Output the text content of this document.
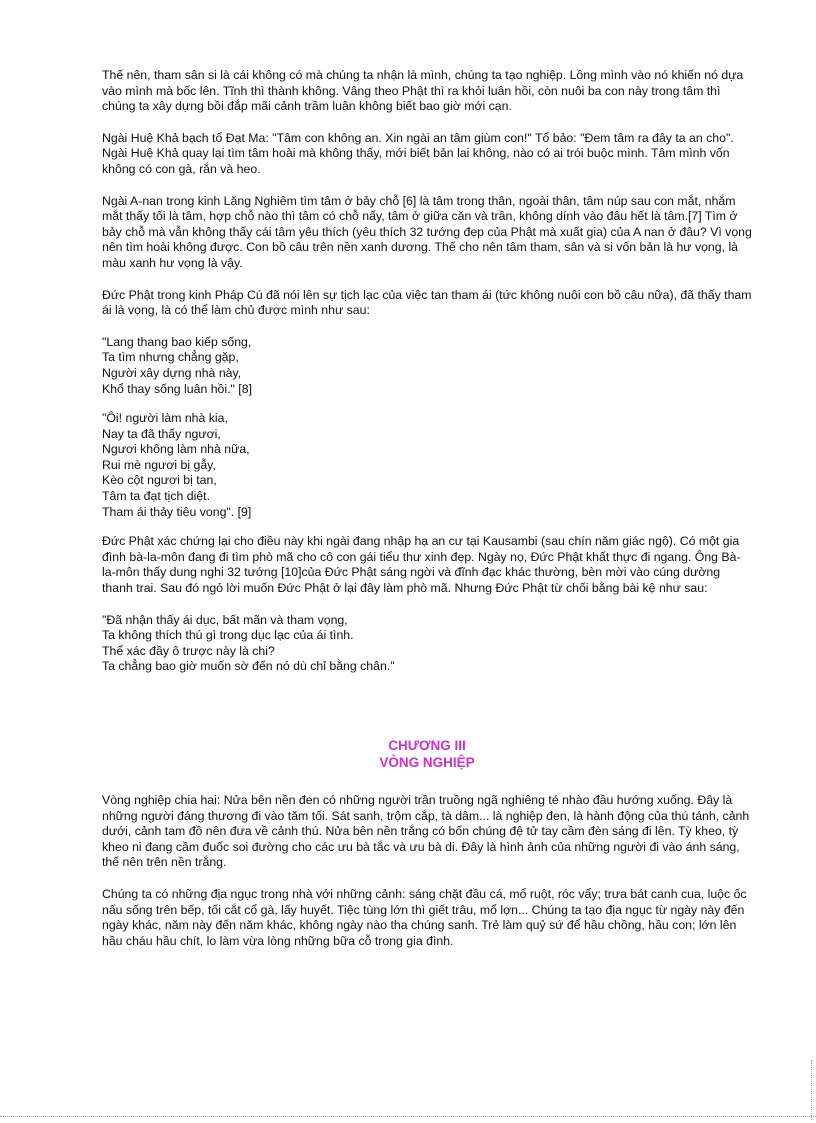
Thế nên, tham sân si là cái không có mà chúng ta nhận là mình, chúng ta tạo nghiệp. Lồng mình vào nó khiến nó dựa vào mình mà bốc lên. Tĩnh thì thành không. Vâng theo Phật thì ra khỏi luân hồi, còn nuôi ba con này trong tâm thì chúng ta xây dựng bồi đắp mãi cảnh trầm luân không biết bao giờ mới cạn.

Ngài Huệ Khả bạch tổ Đạt Ma: "Tâm con không an. Xin ngài an tâm giùm con!" Tổ bảo: "Đem tâm ra đây ta an cho". Ngài Huệ Khả quay lại tìm tâm hoài mà không thấy, mới biết bản lai không, nào có ai trói buộc mình. Tâm mình vốn không có con gà, rắn và heo.

Ngài A-nan trong kinh Lăng Nghiêm tìm tâm ở bảy chỗ [6] là tâm trong thân, ngoài thân, tâm núp sau con mắt, nhắm mắt thấy tối là tâm, hợp chỗ nào thì tâm có chỗ nấy, tâm ở giữa căn và trần, không dính vào đâu hết là tâm.[7] Tìm ở bảy chỗ mà vẫn không thấy cái tâm yêu thích (yêu thích 32 tướng đẹp của Phật mà xuất gia) của A nan ở đâu? Vì vọng nên tìm hoài không được. Con bồ câu trên nền xanh dương. Thế cho nên tâm tham, sân và si vốn bản là hư vọng, là màu xanh hư vọng là vậy.

Đức Phật trong kinh Pháp Cú đã nói lên sự tịch lạc của việc tan tham ái (tức không nuôi con bồ câu nữa), đã thấy tham ái là vọng, là có thể làm chủ được mình như sau:

"Lang thang bao kiếp sống,
Ta tìm nhưng chẳng gặp,
Người xây dựng nhà này,
Khổ thay sống luân hồi." [8]
"Ôi! người làm nhà kia,
Nay ta đã thấy ngươi,
Ngươi không làm nhà nữa,
Rui mè ngươi bị gẫy,
Kèo cột ngươi bị tan,
Tâm ta đạt tịch diệt.
Tham ái thảy tiêu vong". [9]

Đức Phật xác chứng lại cho điều này khi ngài đang nhập hạ an cư tại Kausambi (sau chín năm giác ngộ). Có một gia đình bà-la-môn đang đi tìm phò mã cho cô con gái tiểu thư xinh đẹp. Ngày nọ, Đức Phật khất thực đi ngang. Ông Bà-la-môn thấy dung nghi 32 tướng [10]của Đức Phật sáng ngời và đĩnh đạc khác thường, bèn mời vào cúng dường thanh trai. Sau đó ngỏ lời muốn Đức Phật ở lại đây làm phò mã. Nhưng Đức Phật từ chối bằng bài kệ như sau:

"Đã nhận thấy ái dục, bất mãn và tham vọng,
Ta không thích thú gì trong dục lạc của ái tình.
Thể xác đầy ô trược này là chi?
Ta chẳng bao giờ muốn sờ đến nó dù chỉ bằng chân."
CHƯƠNG III
VÒNG NGHIỆP

Vòng nghiệp chia hai: Nửa bên nền đen có những người trần truồng ngã nghiêng té nhào đầu hướng xuống. Đây là những người đáng thương đi vào tăm tối. Sát sanh, trộm cắp, tà dâm... là nghiệp đen, là hành động của thú tánh, cảnh dưới, cảnh tam đồ nên đưa về cảnh thú. Nửa bên nền trắng có bốn chúng đệ tử tay cầm đèn sáng đi lên. Tỳ kheo, tỳ kheo ni đang cầm đuốc soi đường cho các ưu bà tắc và ưu bà di. Đây là hình ảnh của những người đi vào ánh sáng, thế nên trên nền trắng.

Chúng ta có những địa ngục trong nhà với những cảnh: sáng chặt đầu cá, mổ ruột, róc vẩy; trưa bát canh cua, luộc ốc nấu sống trên bếp, tối cắt cổ gà, lấy huyết. Tiệc tùng lớn thì giết trâu, mổ lợn... Chúng ta tạo địa ngục từ ngày này đến ngày khác, năm này đến năm khác, không ngày nào tha chúng sanh. Trẻ làm quỷ sứ để hầu chồng, hầu con; lớn lên hầu cháu hầu chít, lo làm vừa lòng những bữa cỗ trong gia đình.
